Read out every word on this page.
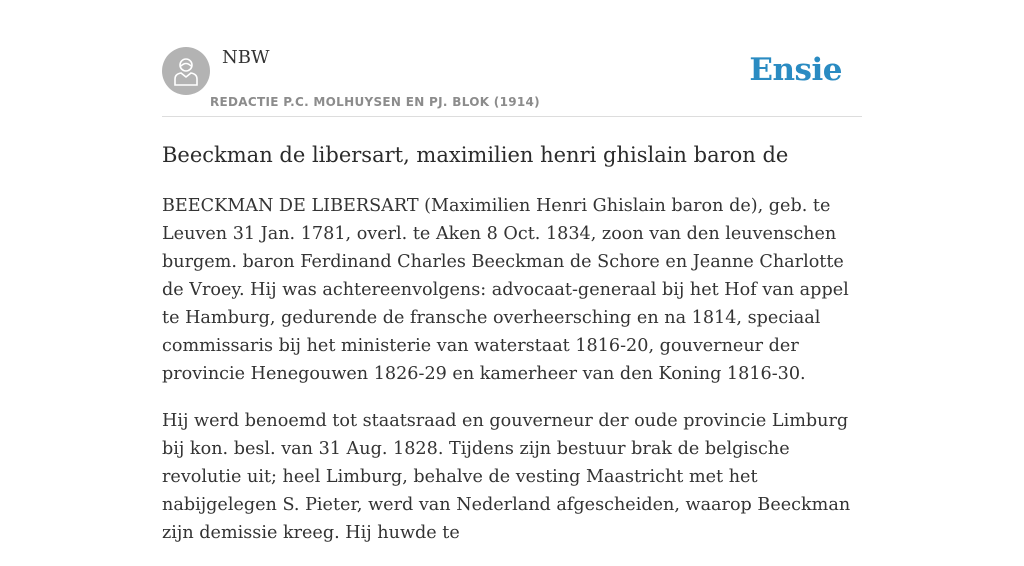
NBW
REDACTIE P.C. MOLHUYSEN EN PJ. BLOK (1914)
Ensie
Beeckman de libersart, maximilien henri ghislain baron de

BEECKMAN DE LIBERSART (Maximilien Henri Ghislain baron de), geb. te Leuven 31 Jan. 1781, overl. te Aken 8 Oct. 1834, zoon van den leuvenschen burgem. baron Ferdinand Charles Beeckman de Schore en Jeanne Charlotte de Vroey. Hij was achtereenvolgens: advocaat-generaal bij het Hof van appel te Hamburg, gedurende de fransche overheersching en na 1814, speciaal commissaris bij het ministerie van waterstaat 1816-20, gouverneur der provincie Henegouwen 1826-29 en kamerheer van den Koning 1816-30.

Hij werd benoemd tot staatsraad en gouverneur der oude provincie Limburg bij kon. besl. van 31 Aug. 1828. Tijdens zijn bestuur brak de belgische revolutie uit; heel Limburg, behalve de vesting Maastricht met het nabijgelegen S. Pieter, werd van Nederland afgescheiden, waarop Beeckman zijn demissie kreeg. Hij huwde te
